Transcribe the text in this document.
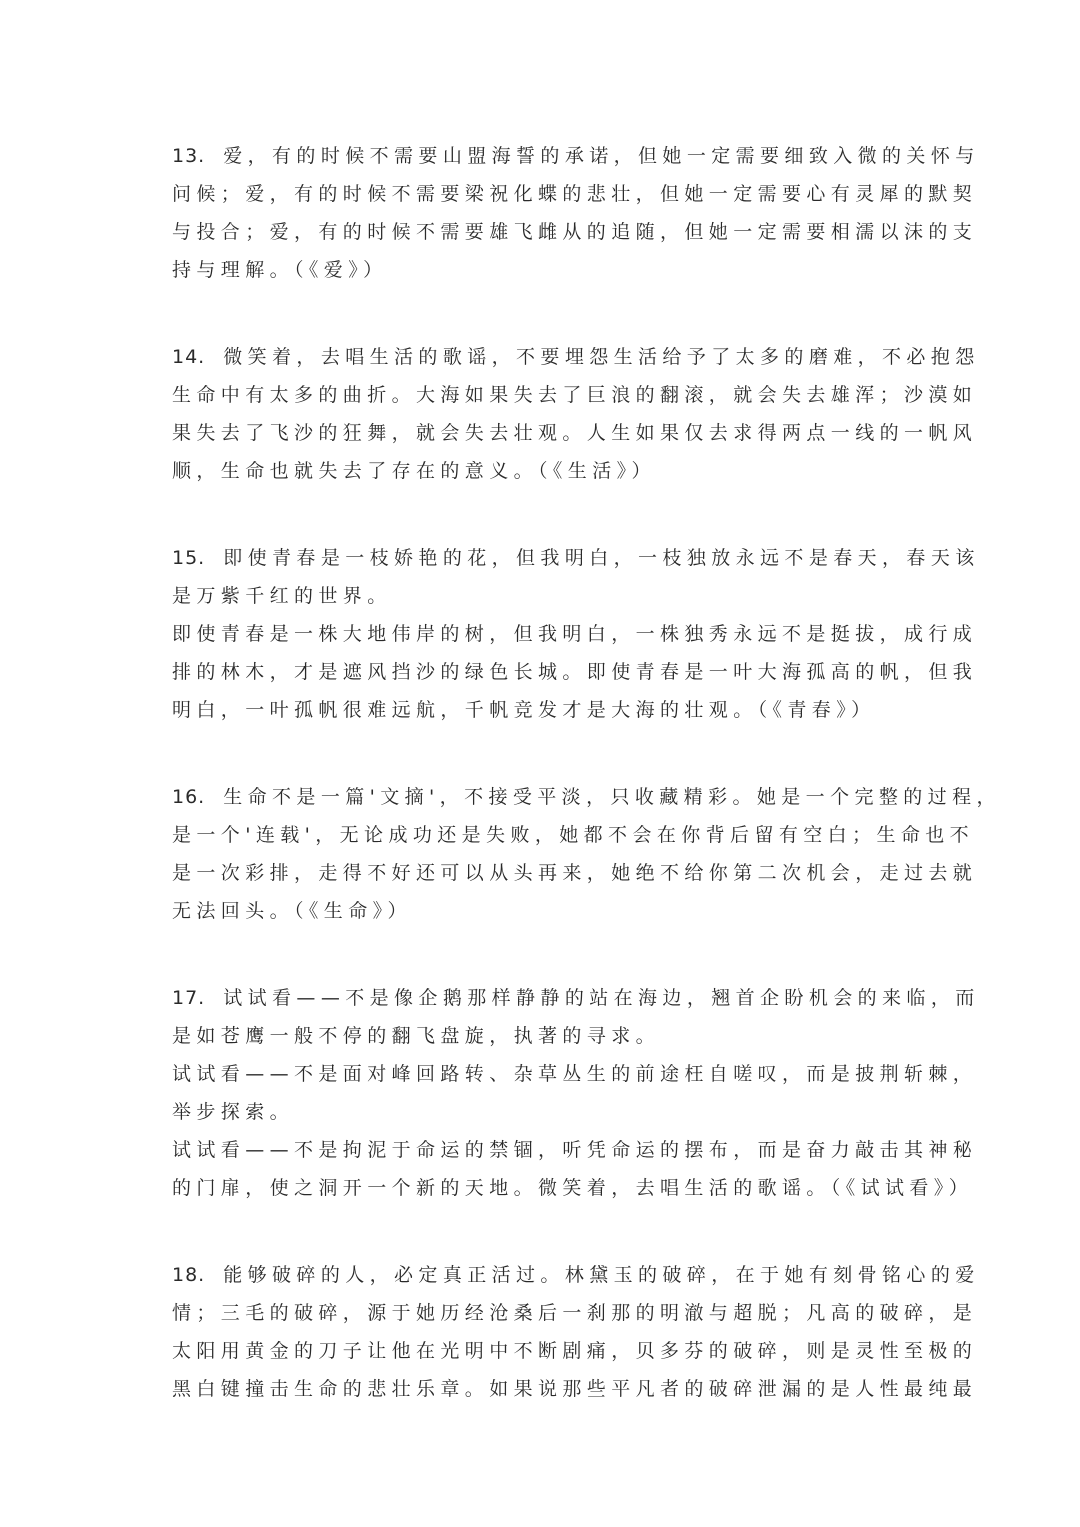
13. 爱，有的时候不需要山盟海誓的承诺，但她一定需要细致入微的关怀与
问候；爱，有的时候不需要梁祝化蝶的悲壮，但她一定需要心有灵犀的默契
与投合；爱，有的时候不需要雄飞雌从的追随，但她一定需要相濡以沫的支
持与理解。（《爱》）
14. 微笑着，去唱生活的歌谣，不要埋怨生活给予了太多的磨难，不必抱怨
生命中有太多的曲折。大海如果失去了巨浪的翻滚，就会失去雄浑；沙漠如
果失去了飞沙的狂舞，就会失去壮观。人生如果仅去求得两点一线的一帆风
顺，生命也就失去了存在的意义。（《生活》）
15. 即使青春是一枝娇艳的花，但我明白，一枝独放永远不是春天，春天该
是万紫千红的世界。
即使青春是一株大地伟岸的树，但我明白，一株独秀永远不是挺拔，成行成
排的林木，才是遮风挡沙的绿色长城。即使青春是一叶大海孤高的帆，但我
明白，一叶孤帆很难远航，千帆竞发才是大海的壮观。（《青春》）
16. 生命不是一篇'文摘'，不接受平淡，只收藏精彩。她是一个完整的过程，
是一个'连载'，无论成功还是失败，她都不会在你背后留有空白；生命也不
是一次彩排，走得不好还可以从头再来，她绝不给你第二次机会，走过去就
无法回头。（《生命》）
17. 试试看——不是像企鹅那样静静的站在海边，翘首企盼机会的来临，而
是如苍鹰一般不停的翻飞盘旋，执著的寻求。
试试看——不是面对峰回路转、杂草丛生的前途枉自嗟叹，而是披荆斩棘，
举步探索。
试试看——不是拘泥于命运的禁锢，听凭命运的摆布，而是奋力敲击其神秘
的门扉，使之洞开一个新的天地。微笑着，去唱生活的歌谣。（《试试看》）
18. 能够破碎的人，必定真正活过。林黛玉的破碎，在于她有刻骨铭心的爱
情；三毛的破碎，源于她历经沧桑后一刹那的明澈与超脱；凡高的破碎，是
太阳用黄金的刀子让他在光明中不断剧痛，贝多芬的破碎，则是灵性至极的
黑白键撞击生命的悲壮乐章。如果说那些平凡者的破碎泄漏的是人性最纯最
